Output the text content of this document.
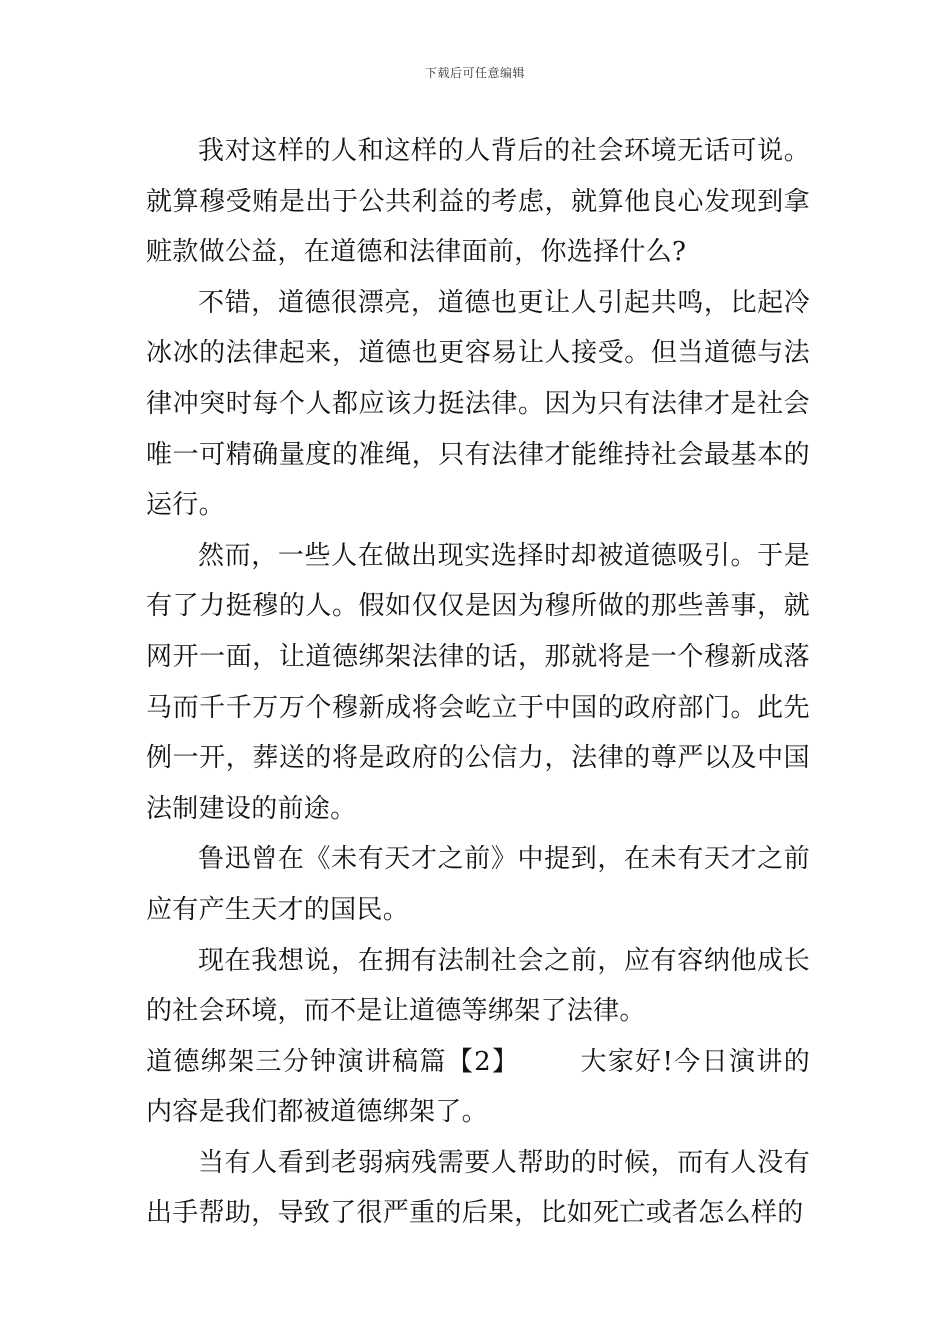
下载后可任意编辑

我对这样的人和这样的人背后的社会环境无话可说。就算穆受贿是出于公共利益的考虑，就算他良心发现到拿赃款做公益，在道德和法律面前，你选择什么?

不错，道德很漂亮，道德也更让人引起共鸣，比起冷冰冰的法律起来，道德也更容易让人接受。但当道德与法律冲突时每个人都应该力挺法律。因为只有法律才是社会唯一可精确量度的准绳，只有法律才能维持社会最基本的运行。

然而，一些人在做出现实选择时却被道德吸引。于是有了力挺穆的人。假如仅仅是因为穆所做的那些善事，就网开一面，让道德绑架法律的话，那就将是一个穆新成落马而千千万万个穆新成将会屹立于中国的政府部门。此先例一开，葬送的将是政府的公信力，法律的尊严以及中国法制建设的前途。

鲁迅曾在《未有天才之前》中提到，在未有天才之前应有产生天才的国民。

现在我想说，在拥有法制社会之前，应有容纳他成长的社会环境，而不是让道德等绑架了法律。

道德绑架三分钟演讲稿篇【2】 大家好!今日演讲的内容是我们都被道德绑架了。

当有人看到老弱病残需要人帮助的时候，而有人没有出手帮助，导致了很严重的后果，比如死亡或者怎么样的
